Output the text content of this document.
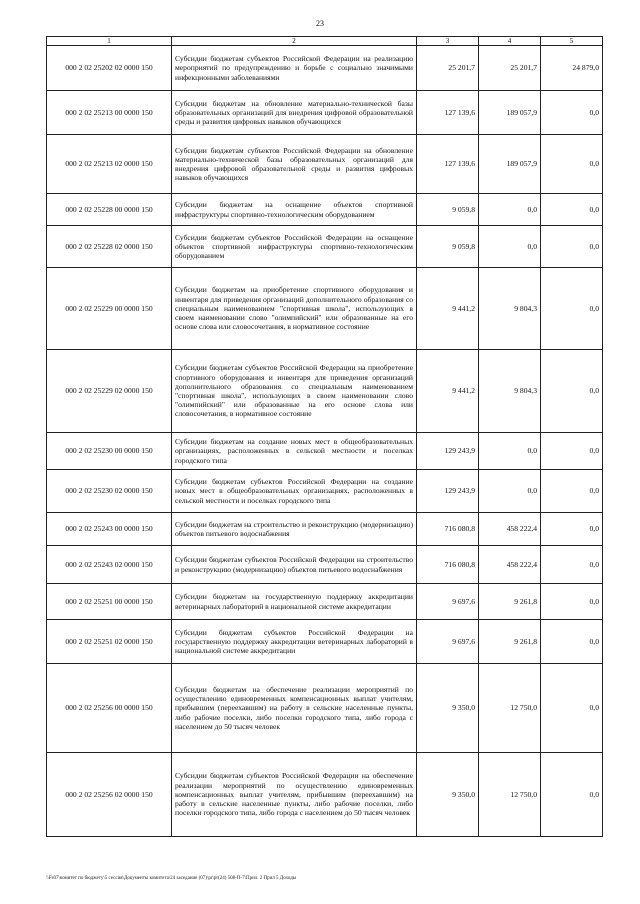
23
1	2	3	4	5
000 2 02 25202 02 0000 150	Субсидии бюджетам субъектов Российской Федерации на реализацию мероприятий по предупреждению и борьбе с социально значимыми инфекционными заболеваниями	25 201,7	25 201,7	24 879,0
000 2 02 25213 00 0000 150	Субсидии бюджетам на обновление материально-технической базы образовательных организаций для внедрения цифровой образовательной среды и развития цифровых навыков обучающихся	127 139,6	189 057,9	0,0
000 2 02 25213 02 0000 150	Субсидии бюджетам субъектов Российской Федерации на обновление материально-технической базы образовательных организаций для внедрения цифровой образовательной среды и развития цифровых навыков обучающихся	127 139,6	189 057,9	0,0
000 2 02 25228 00 0000 150	Субсидии бюджетам на оснащение объектов спортивной инфраструктуры спортивно-технологическим оборудованием	9 059,8	0,0	0,0
000 2 02 25228 02 0000 150	Субсидии бюджетам субъектов Российской Федерации на оснащение объектов спортивной инфраструктуры спортивно-технологическим оборудованием	9 059,8	0,0	0,0
000 2 02 25229 00 0000 150	Субсидии бюджетам на приобретение спортивного оборудования и инвентаря для приведения организаций дополнительного образования со специальным наименованием "спортивная школа", использующих в своем наименовании слово "олимпийский" или образованные на его основе слова или словосочетания, в нормативное состояние	9 441,2	9 804,3	0,0
000 2 02 25229 02 0000 150	Субсидии бюджетам субъектов Российской Федерации на приобретение спортивного оборудования и инвентаря для приведения организаций дополнительного образования со специальным наименованием "спортивная школа", использующих в своем наименовании слово "олимпийский" или образованные на его основе слова или словосочетания, в нормативное состояние	9 441,2	9 804,3	0,0
000 2 02 25230 00 0000 150	Субсидии бюджетам на создание новых мест в общеобразовательных организациях, расположенных в сельской местности и поселках городского типа	129 243,9	0,0	0,0
000 2 02 25230 02 0000 150	Субсидии бюджетам субъектов Российской Федерации на создание новых мест в общеобразовательных организациях, расположенных в сельской местности и поселках городского типа	129 243,9	0,0	0,0
000 2 02 25243 00 0000 150	Субсидии бюджетам на строительство и реконструкцию (модернизацию) объектов питьевого водоснабжения	716 080,8	458 222,4	0,0
000 2 02 25243 02 0000 150	Субсидии бюджетам субъектов Российской Федерации на строительство и реконструкцию (модернизацию) объектов питьевого водоснабжения	716 080,8	458 222,4	0,0
000 2 02 25251 00 0000 150	Субсидии бюджетам на государственную поддержку аккредитации ветеринарных лабораторий в национальной системе аккредитации	9 697,6	9 261,8	0,0
000 2 02 25251 02 0000 150	Субсидии бюджетам субъектов Российской Федерации на государственную поддержку аккредитации ветеринарных лабораторий в национальной системе аккредитации	9 697,6	9 261,8	0,0
000 2 02 25256 00 0000 150	Субсидии бюджетам на обеспечение реализации мероприятий по осуществлению единовременных компенсационных выплат учителям, прибывшим (переехавшим) на работу в сельские населенные пункты, либо рабочие поселки, либо поселки городского типа, либо города с населением до 50 тысяч человек	9 350,0	12 750,0	0,0
000 2 02 25256 02 0000 150	Субсидии бюджетам субъектов Российской Федерации на обеспечение реализации мероприятий по осуществлению единовременных компенсационных выплат учителям, прибывшим (переехавшим) на работу в сельские населенные пункты, либо рабочие поселки, либо поселки городского типа, либо города с населением до 50 тысяч человек	9 350,0	12 750,0	0,0
\\Fs07\комитет по бюджету\5 сессия\Документы комитета\24 заседание (07)\pr\pr(24) 508-П-7\Прил. 2 Прил 5 Доходы
